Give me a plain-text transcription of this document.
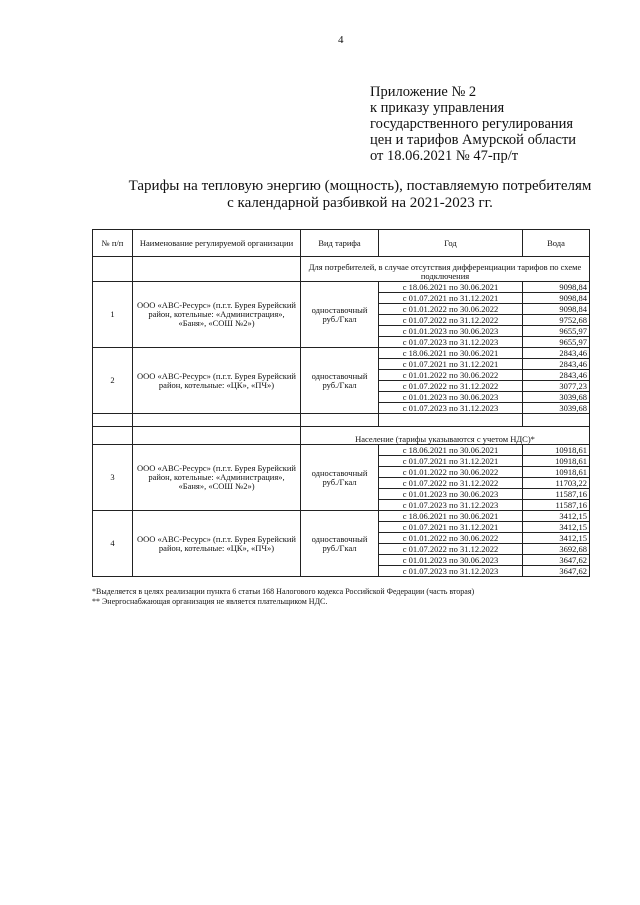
4
Приложение № 2
к приказу управления
государственного регулирования
цен и тарифов Амурской области
от 18.06.2021 № 47-пр/т
Тарифы на тепловую энергию (мощность), поставляемую потребителям
с календарной разбивкой на 2021-2023 гг.
№ п/п	Наименование регулируемой организации	Вид тарифа	Год	Вода
		Для потребителей, в случае отсутствия дифференциации тарифов по схеме подключения		
1	ООО «АВС-Ресурс» (п.г.т. Бурея Бурейский район, котельные: «Администрация», «Баня», «СОШ №2»)	одноставочный руб./Гкал	с 18.06.2021 по 30.06.2021	9098,84
			с 01.07.2021 по 31.12.2021	9098,84
			с 01.01.2022 по 30.06.2022	9098,84
			с 01.07.2022 по 31.12.2022	9752,68
			с 01.01.2023 по 30.06.2023	9655,97
			с 01.07.2023 по 31.12.2023	9655,97
2	ООО «АВС-Ресурс» (п.г.т. Бурея Бурейский район, котельные: «ЦК», «ПЧ»)	одноставочный руб./Гкал	с 18.06.2021 по 30.06.2021	2843,46
			с 01.07.2021 по 31.12.2021	2843,46
			с 01.01.2022 по 30.06.2022	2843,46
			с 01.07.2022 по 31.12.2022	3077,23
			с 01.01.2023 по 30.06.2023	3039,68
			с 01.07.2023 по 31.12.2023	3039,68

		Население (тарифы указываются с учетом НДС)*		
3	ООО «АВС-Ресурс» (п.г.т. Бурея Бурейский район, котельные: «Администрация», «Баня», «СОШ №2»)	одноставочный руб./Гкал	с 18.06.2021 по 30.06.2021	10918,61
			с 01.07.2021 по 31.12.2021	10918,61
			с 01.01.2022 по 30.06.2022	10918,61
			с 01.07.2022 по 31.12.2022	11703,22
			с 01.01.2023 по 30.06.2023	11587,16
			с 01.07.2023 по 31.12.2023	11587,16
4	ООО «АВС-Ресурс» (п.г.т. Бурея Бурейский район, котельные: «ЦК», «ПЧ»)	одноставочный руб./Гкал	с 18.06.2021 по 30.06.2021	3412,15
			с 01.07.2021 по 31.12.2021	3412,15
			с 01.01.2022 по 30.06.2022	3412,15
			с 01.07.2022 по 31.12.2022	3692,68
			с 01.01.2023 по 30.06.2023	3647,62
			с 01.07.2023 по 31.12.2023	3647,62
*Выделяется в целях реализации пункта 6 статьи 168 Налогового кодекса Российской Федерации (часть вторая)
** Энергоснабжающая организация не является плательщиком НДС.
